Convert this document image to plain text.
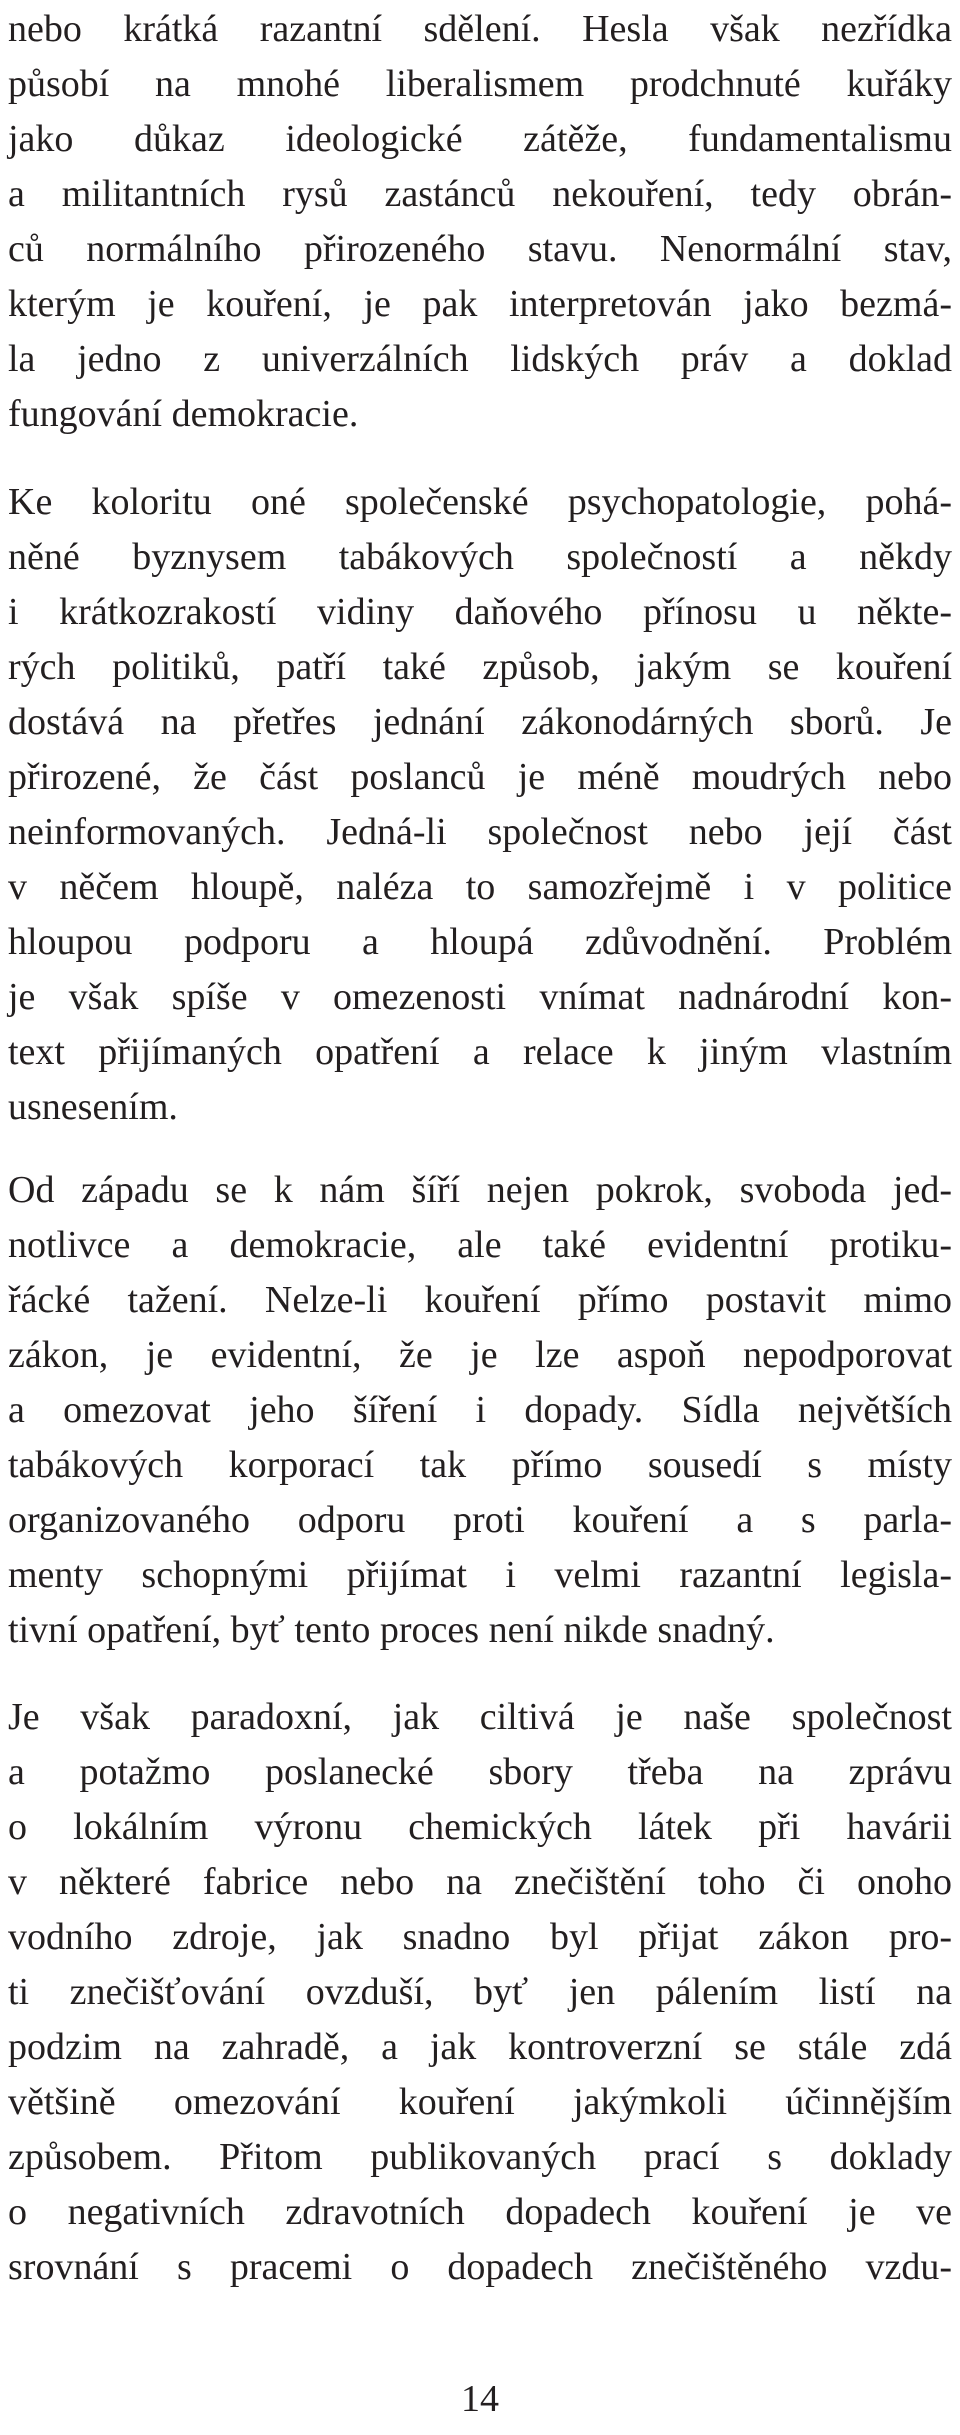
nebo krátká razantní sdělení. Hesla však nezřídka
působí na mnohé liberalismem prodchnuté kuřáky
jako důkaz ideologické zátěže, fundamentalismu
a militantních rysů zastánců nekouření, tedy obrán-
ců normálního přirozeného stavu. Nenormální stav,
kterým je kouření, je pak interpretován jako bezmá-
la jedno z univerzálních lidských práv a doklad
fungování demokracie.
Ke koloritu oné společenské psychopatologie, pohá-
něné byznysem tabákových společností a někdy
i krátkozrakostí vidiny daňového přínosu u někte-
rých politiků, patří také způsob, jakým se kouření
dostává na přetřes jednání zákonodárných sborů. Je
přirozené, že část poslanců je méně moudrých nebo
neinformovaných. Jedná-li společnost nebo její část
v něčem hloupě, naléza to samozřejmě i v politice
hloupou podporu a hloupá zdůvodnění. Problém
je však spíše v omezenosti vnímat nadnárodní kon-
text přijímaných opatření a relace k jiným vlastním
usnesením.
Od západu se k nám šíří nejen pokrok, svoboda jed-
notlivce a demokracie, ale také evidentní protiku-
řácké tažení. Nelze-li kouření přímo postavit mimo
zákon, je evidentní, že je lze aspoň nepodporovat
a omezovat jeho šíření i dopady. Sídla největších
tabákových korporací tak přímo sousedí s místy
organizovaného odporu proti kouření a s parla-
menty schopnými přijímat i velmi razantní legisla-
tivní opatření, byť tento proces není nikde snadný.
Je však paradoxní, jak ciltivá je naše společnost
a potažmo poslanecké sbory třeba na zprávu
o lokálním výronu chemických látek při havárii
v některé fabrice nebo na znečištění toho či onoho
vodního zdroje, jak snadno byl přijat zákon pro-
ti znečišťování ovzduší, byť jen pálením listí na
podzim na zahradě, a jak kontroverzní se stále zdá
většině omezování kouření jakýmkoli účinnějším
způsobem. Přitom publikovaných prací s doklady
o negativních zdravotních dopadech kouření je ve
srovnání s pracemi o dopadech znečištěného vzdu-
14
